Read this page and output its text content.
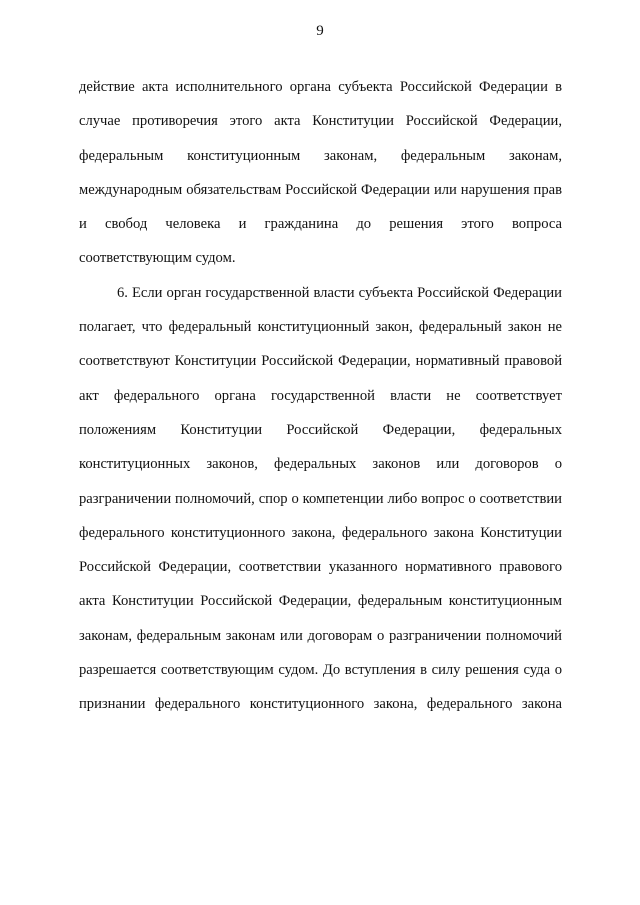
9

действие акта исполнительного органа субъекта Российской Федерации в случае противоречия этого акта Конституции Российской Федерации, федеральным конституционным законам, федеральным законам, международным обязательствам Российской Федерации или нарушения прав и свобод человека и гражданина до решения этого вопроса соответствующим судом.

6. Если орган государственной власти субъекта Российской Федерации полагает, что федеральный конституционный закон, федеральный закон не соответствуют Конституции Российской Федерации, нормативный правовой акт федерального органа государственной власти не соответствует положениям Конституции Российской Федерации, федеральных конституционных законов, федеральных законов или договоров о разграничении полномочий, спор о компетенции либо вопрос о соответствии федерального конституционного закона, федерального закона Конституции Российской Федерации, соответствии указанного нормативного правового акта Конституции Российской Федерации, федеральным конституционным законам, федеральным законам или договорам о разграничении полномочий разрешается соответствующим судом. До вступления в силу решения суда о признании федерального конституционного закона, федерального закона
